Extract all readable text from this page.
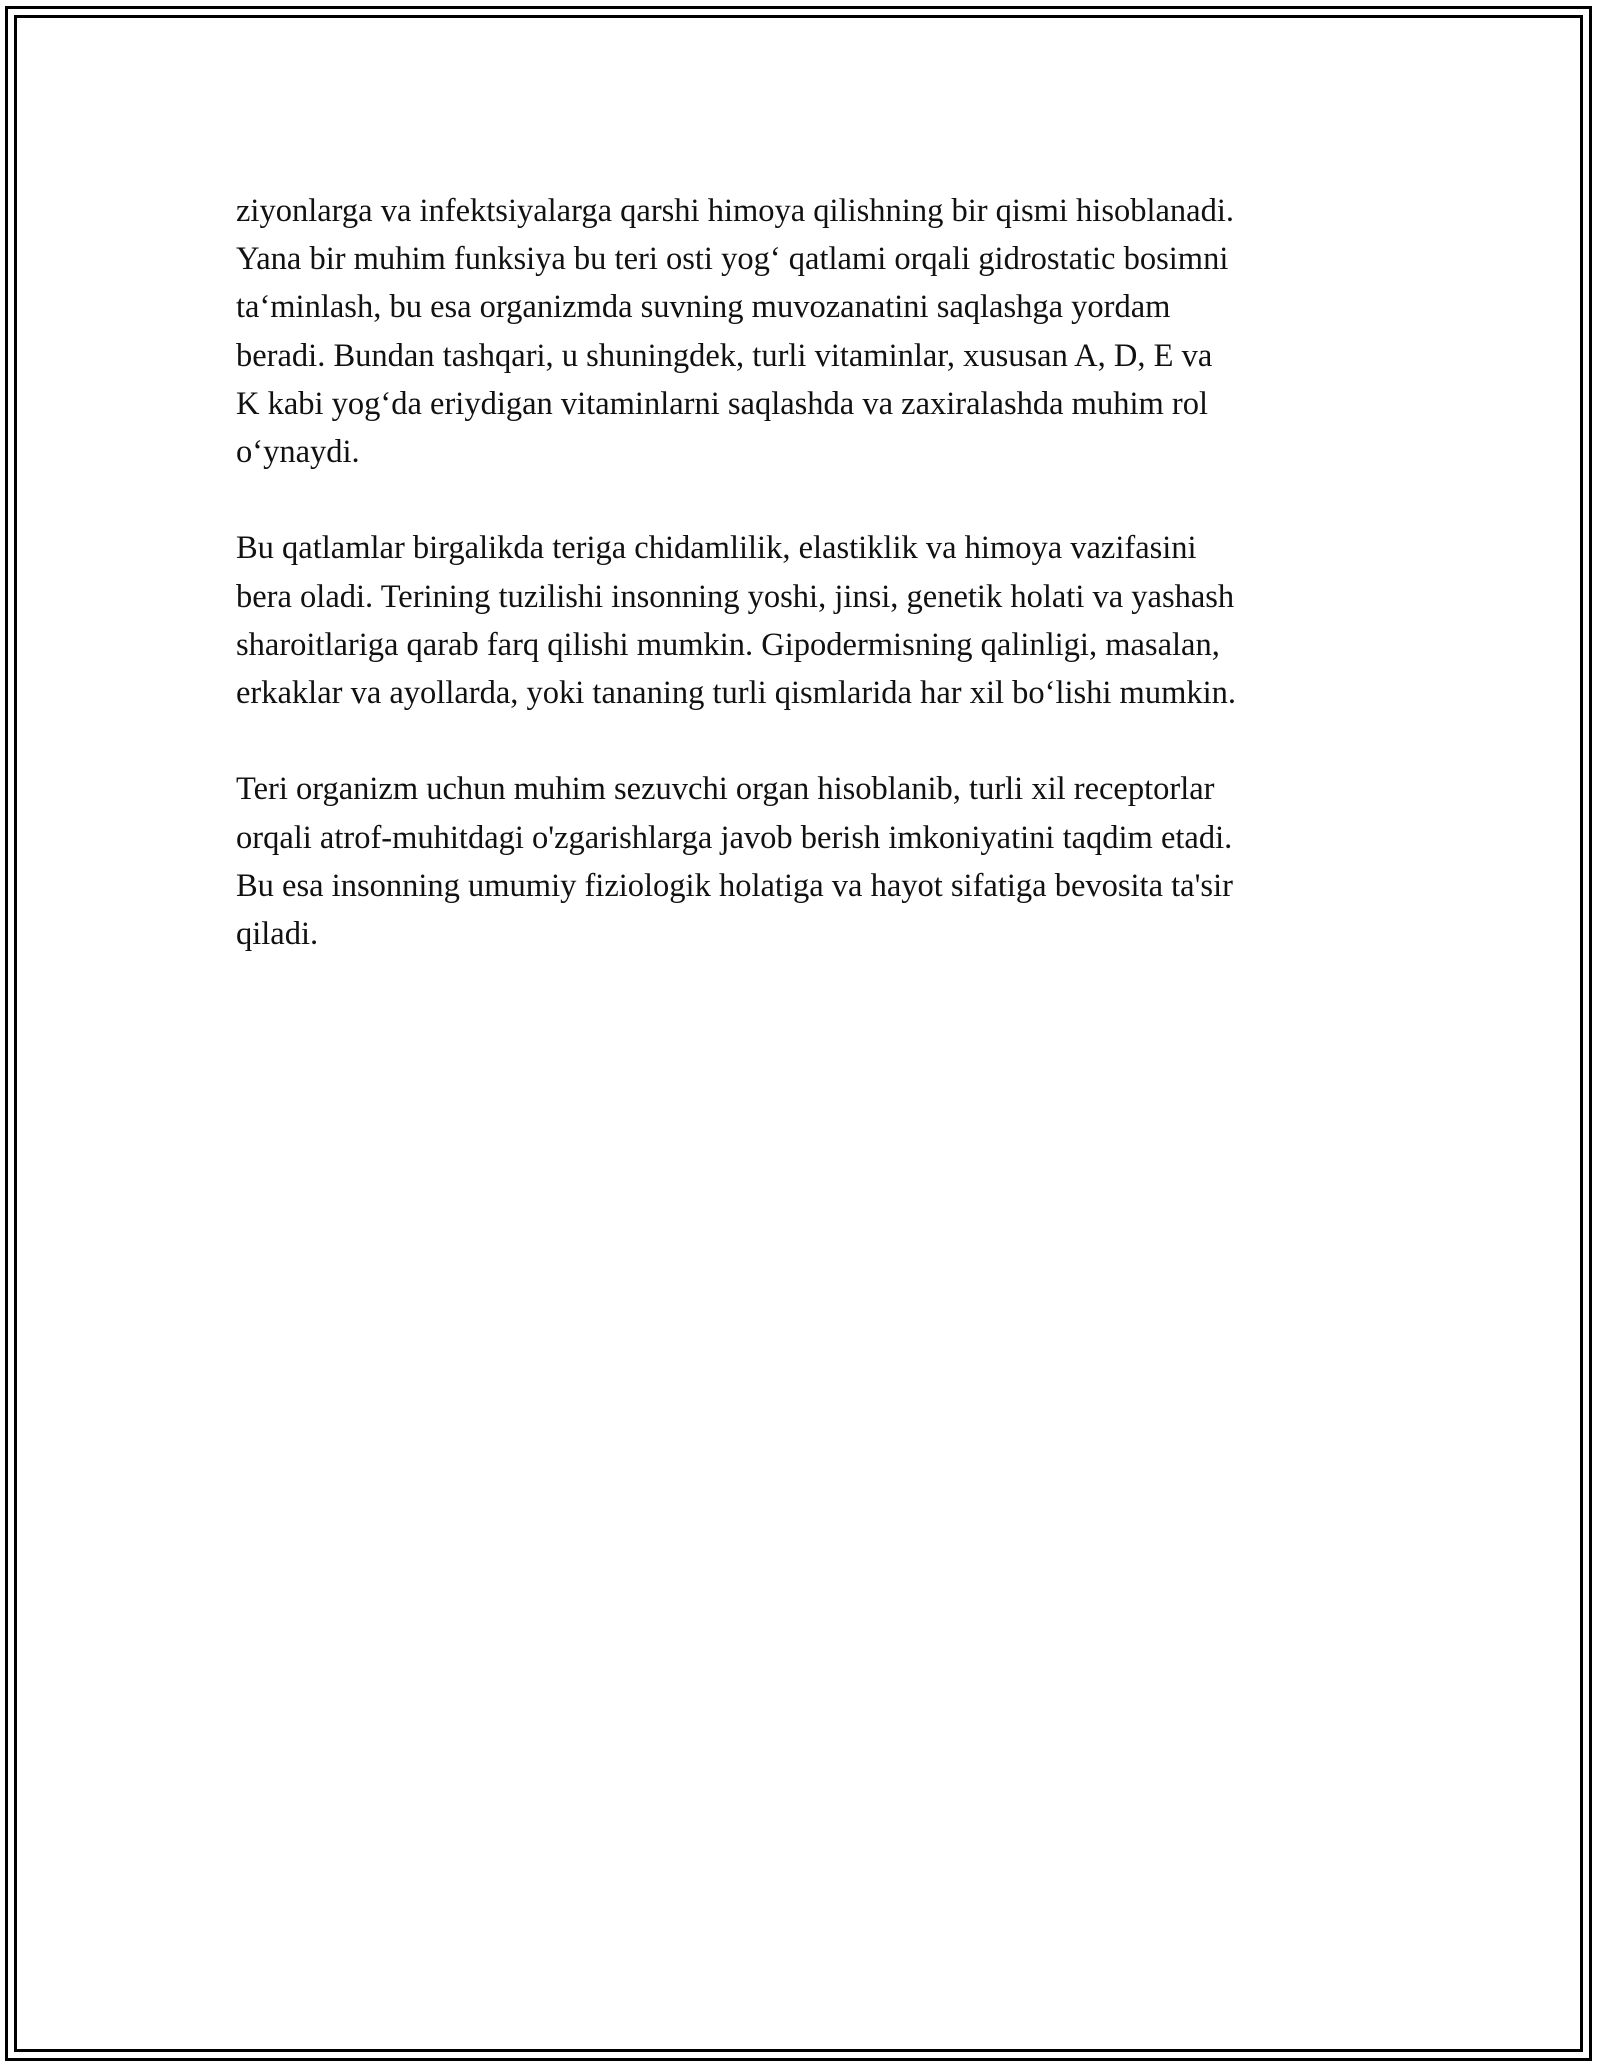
ziyonlarga va infektsiyalarga qarshi himoya qilishning bir qismi hisoblanadi.
Yana bir muhim funksiya bu teri osti yog‘ qatlami orqali gidrostatic bosimni
ta‘minlash, bu esa organizmda suvning muvozanatini saqlashga yordam
beradi. Bundan tashqari, u shuningdek, turli vitaminlar, xususan A, D, E va
K kabi yog‘da eriydigan vitaminlarni saqlashda va zaxiralashda muhim rol
o‘ynaydi.

Bu qatlamlar birgalikda teriga chidamlilik, elastiklik va himoya vazifasini
bera oladi. Terining tuzilishi insonning yoshi, jinsi, genetik holati va yashash
sharoitlariga qarab farq qilishi mumkin. Gipodermisning qalinligi, masalan,
erkaklar va ayollarda, yoki tananing turli qismlarida har xil bo‘lishi mumkin.

Teri organizm uchun muhim sezuvchi organ hisoblanib, turli xil receptorlar
orqali atrof-muhitdagi o'zgarishlarga javob berish imkoniyatini taqdim etadi.
Bu esa insonning umumiy fiziologik holatiga va hayot sifatiga bevosita ta'sir
qiladi.
